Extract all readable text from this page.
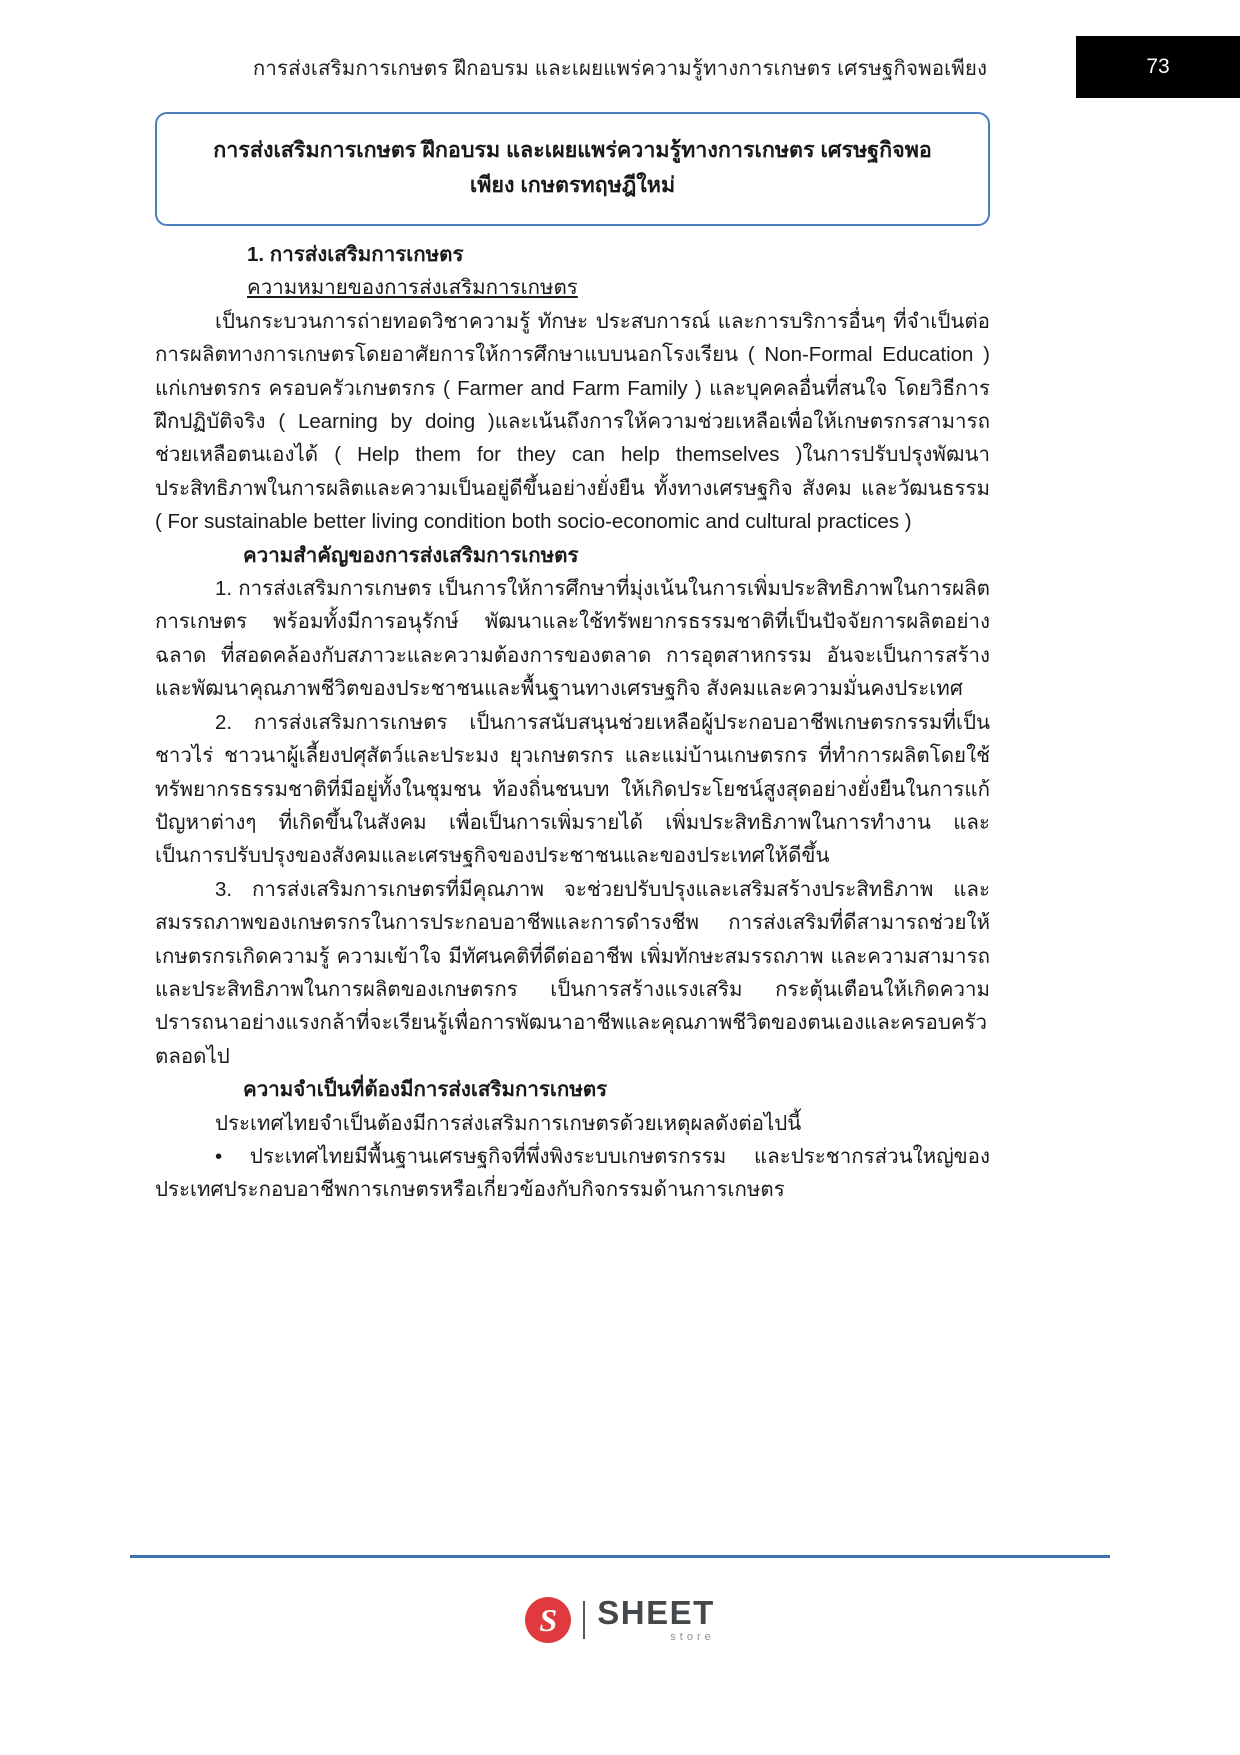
การส่งเสริมการเกษตร ฝึกอบรม และเผยแพร่ความรู้ทางการเกษตร เศรษฐกิจพอเพียง	73
การส่งเสริมการเกษตร ฝึกอบรม และเผยแพร่ความรู้ทางการเกษตร เศรษฐกิจพอเพียง เกษตรทฤษฎีใหม่

1. การส่งเสริมการเกษตร

ความหมายของการส่งเสริมการเกษตร

เป็นกระบวนการถ่ายทอดวิชาความรู้ ทักษะ ประสบการณ์ และการบริการอื่นๆ ที่จำเป็นต่อการผลิตทางการเกษตรโดยอาศัยการให้การศึกษาแบบนอกโรงเรียน ( Non-Formal Education ) แก่เกษตรกร ครอบครัวเกษตรกร ( Farmer and Farm Family ) และบุคคลอื่นที่สนใจ โดยวิธีการฝึกปฏิบัติจริง ( Learning by doing )และเน้นถึงการให้ความช่วยเหลือเพื่อให้เกษตรกรสามารถช่วยเหลือตนเองได้ ( Help them for they can help themselves )ในการปรับปรุงพัฒนาประสิทธิภาพในการผลิตและความเป็นอยู่ดีขึ้นอย่างยั่งยืน ทั้งทางเศรษฐกิจ สังคม และวัฒนธรรม ( For sustainable better living condition both socio-economic and cultural practices )

ความสำคัญของการส่งเสริมการเกษตร

1. การส่งเสริมการเกษตร เป็นการให้การศึกษาที่มุ่งเน้นในการเพิ่มประสิทธิภาพในการผลิตการเกษตร พร้อมทั้งมีการอนุรักษ์ พัฒนาและใช้ทรัพยากรธรรมชาติที่เป็นปัจจัยการผลิตอย่างฉลาด ที่สอดคล้องกับสภาวะและความต้องการของตลาด การอุตสาหกรรม อันจะเป็นการสร้างและพัฒนาคุณภาพชีวิตของประชาชนและพื้นฐานทางเศรษฐกิจ สังคมและความมั่นคงประเทศ

2. การส่งเสริมการเกษตร เป็นการสนับสนุนช่วยเหลือผู้ประกอบอาชีพเกษตรกรรมที่เป็น ชาวไร่ ชาวนาผู้เลี้ยงปศุสัตว์และประมง ยุวเกษตรกร และแม่บ้านเกษตรกร ที่ทำการผลิตโดยใช้ทรัพยากรธรรมชาติที่มีอยู่ทั้งในชุมชน ท้องถิ่นชนบท ให้เกิดประโยชน์สูงสุดอย่างยั่งยืนในการแก้ปัญหาต่างๆ ที่เกิดขึ้นในสังคม เพื่อเป็นการเพิ่มรายได้ เพิ่มประสิทธิภาพในการทำงาน และ เป็นการปรับปรุงของสังคมและเศรษฐกิจของประชาชนและของประเทศให้ดีขึ้น

3. การส่งเสริมการเกษตรที่มีคุณภาพ จะช่วยปรับปรุงและเสริมสร้างประสิทธิภาพ และสมรรถภาพของเกษตรกรในการประกอบอาชีพและการดำรงชีพ การส่งเสริมที่ดีสามารถช่วยให้เกษตรกรเกิดความรู้ ความเข้าใจ มีทัศนคติที่ดีต่ออาชีพ เพิ่มทักษะสมรรถภาพ และความสามารถและประสิทธิภาพในการผลิตของเกษตรกร เป็นการสร้างแรงเสริม กระตุ้นเตือนให้เกิดความปรารถนาอย่างแรงกล้าที่จะเรียนรู้เพื่อการพัฒนาอาชีพและคุณภาพชีวิตของตนเองและครอบครัวตลอดไป

ความจำเป็นที่ต้องมีการส่งเสริมการเกษตร

ประเทศไทยจำเป็นต้องมีการส่งเสริมการเกษตรด้วยเหตุผลดังต่อไปนี้

• ประเทศไทยมีพื้นฐานเศรษฐกิจที่พึ่งพิงระบบเกษตรกรรม และประชากรส่วนใหญ่ของประเทศประกอบอาชีพการเกษตรหรือเกี่ยวข้องกับกิจกรรมด้านการเกษตร

S	SHEET
store
